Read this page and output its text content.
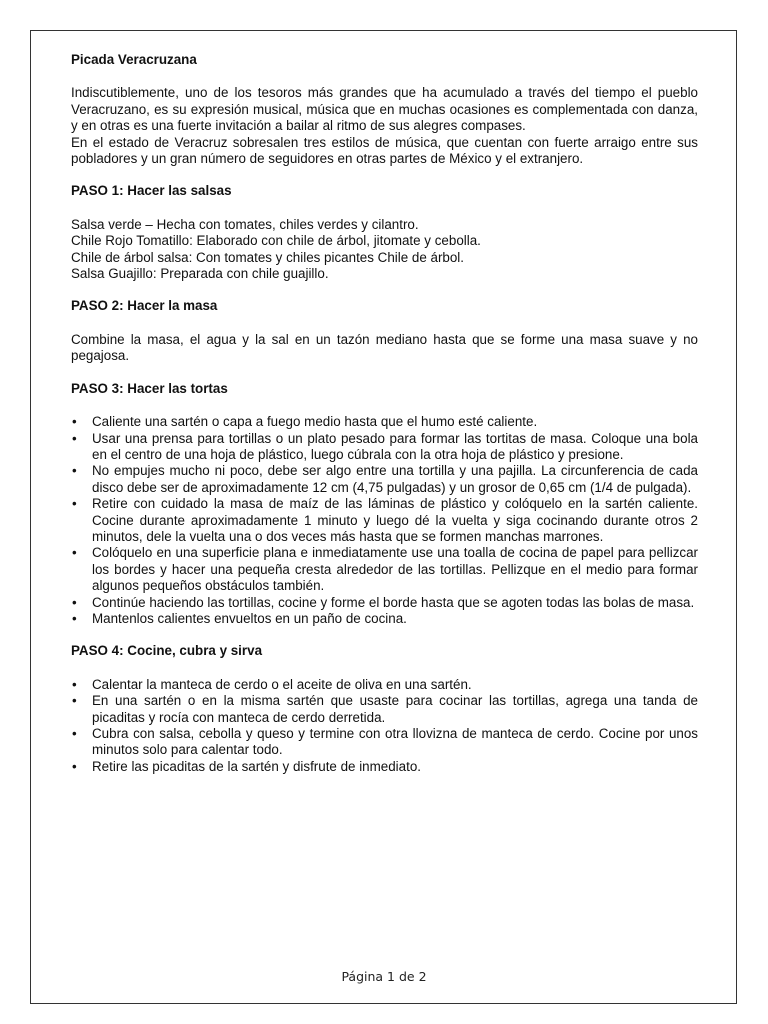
Picada Veracruzana

Indiscutiblemente, uno de los tesoros más grandes que ha acumulado a través del tiempo el pueblo Veracruzano, es su expresión musical, música que en muchas ocasiones es complementada con danza, y en otras es una fuerte invitación a bailar al ritmo de sus alegres compases.

En el estado de Veracruz sobresalen tres estilos de música, que cuentan con fuerte arraigo entre sus pobladores y un gran número de seguidores en otras partes de México y el extranjero.

PASO 1: Hacer las salsas
Salsa verde – Hecha con tomates, chiles verdes y cilantro.
Chile Rojo Tomatillo: Elaborado con chile de árbol, jitomate y cebolla.
Chile de árbol salsa: Con tomates y chiles picantes Chile de árbol.
Salsa Guajillo: Preparada con chile guajillo.
PASO 2: Hacer la masa

Combine la masa, el agua y la sal en un tazón mediano hasta que se forme una masa suave y no pegajosa.

PASO 3: Hacer las tortas
• Caliente una sartén o capa a fuego medio hasta que el humo esté caliente.
• Usar una prensa para tortillas o un plato pesado para formar las tortitas de masa. Coloque una bola en el centro de una hoja de plástico, luego cúbrala con la otra hoja de plástico y presione.
• No empujes mucho ni poco, debe ser algo entre una tortilla y una pajilla. La circunferencia de cada disco debe ser de aproximadamente 12 cm (4,75 pulgadas) y un grosor de 0,65 cm (1/4 de pulgada).
• Retire con cuidado la masa de maíz de las láminas de plástico y colóquelo en la sartén caliente. Cocine durante aproximadamente 1 minuto y luego dé la vuelta y siga cocinando durante otros 2 minutos, dele la vuelta una o dos veces más hasta que se formen manchas marrones.
• Colóquelo en una superficie plana e inmediatamente use una toalla de cocina de papel para pellizcar los bordes y hacer una pequeña cresta alrededor de las tortillas. Pellizque en el medio para formar algunos pequeños obstáculos también.
• Continúe haciendo las tortillas, cocine y forme el borde hasta que se agoten todas las bolas de masa.
• Mantenlos calientes envueltos en un paño de cocina.
PASO 4: Cocine, cubra y sirva
• Calentar la manteca de cerdo o el aceite de oliva en una sartén.
• En una sartén o en la misma sartén que usaste para cocinar las tortillas, agrega una tanda de picaditas y rocía con manteca de cerdo derretida.
• Cubra con salsa, cebolla y queso y termine con otra llovizna de manteca de cerdo. Cocine por unos minutos solo para calentar todo.
• Retire las picaditas de la sartén y disfrute de inmediato.
Página 1 de 2
